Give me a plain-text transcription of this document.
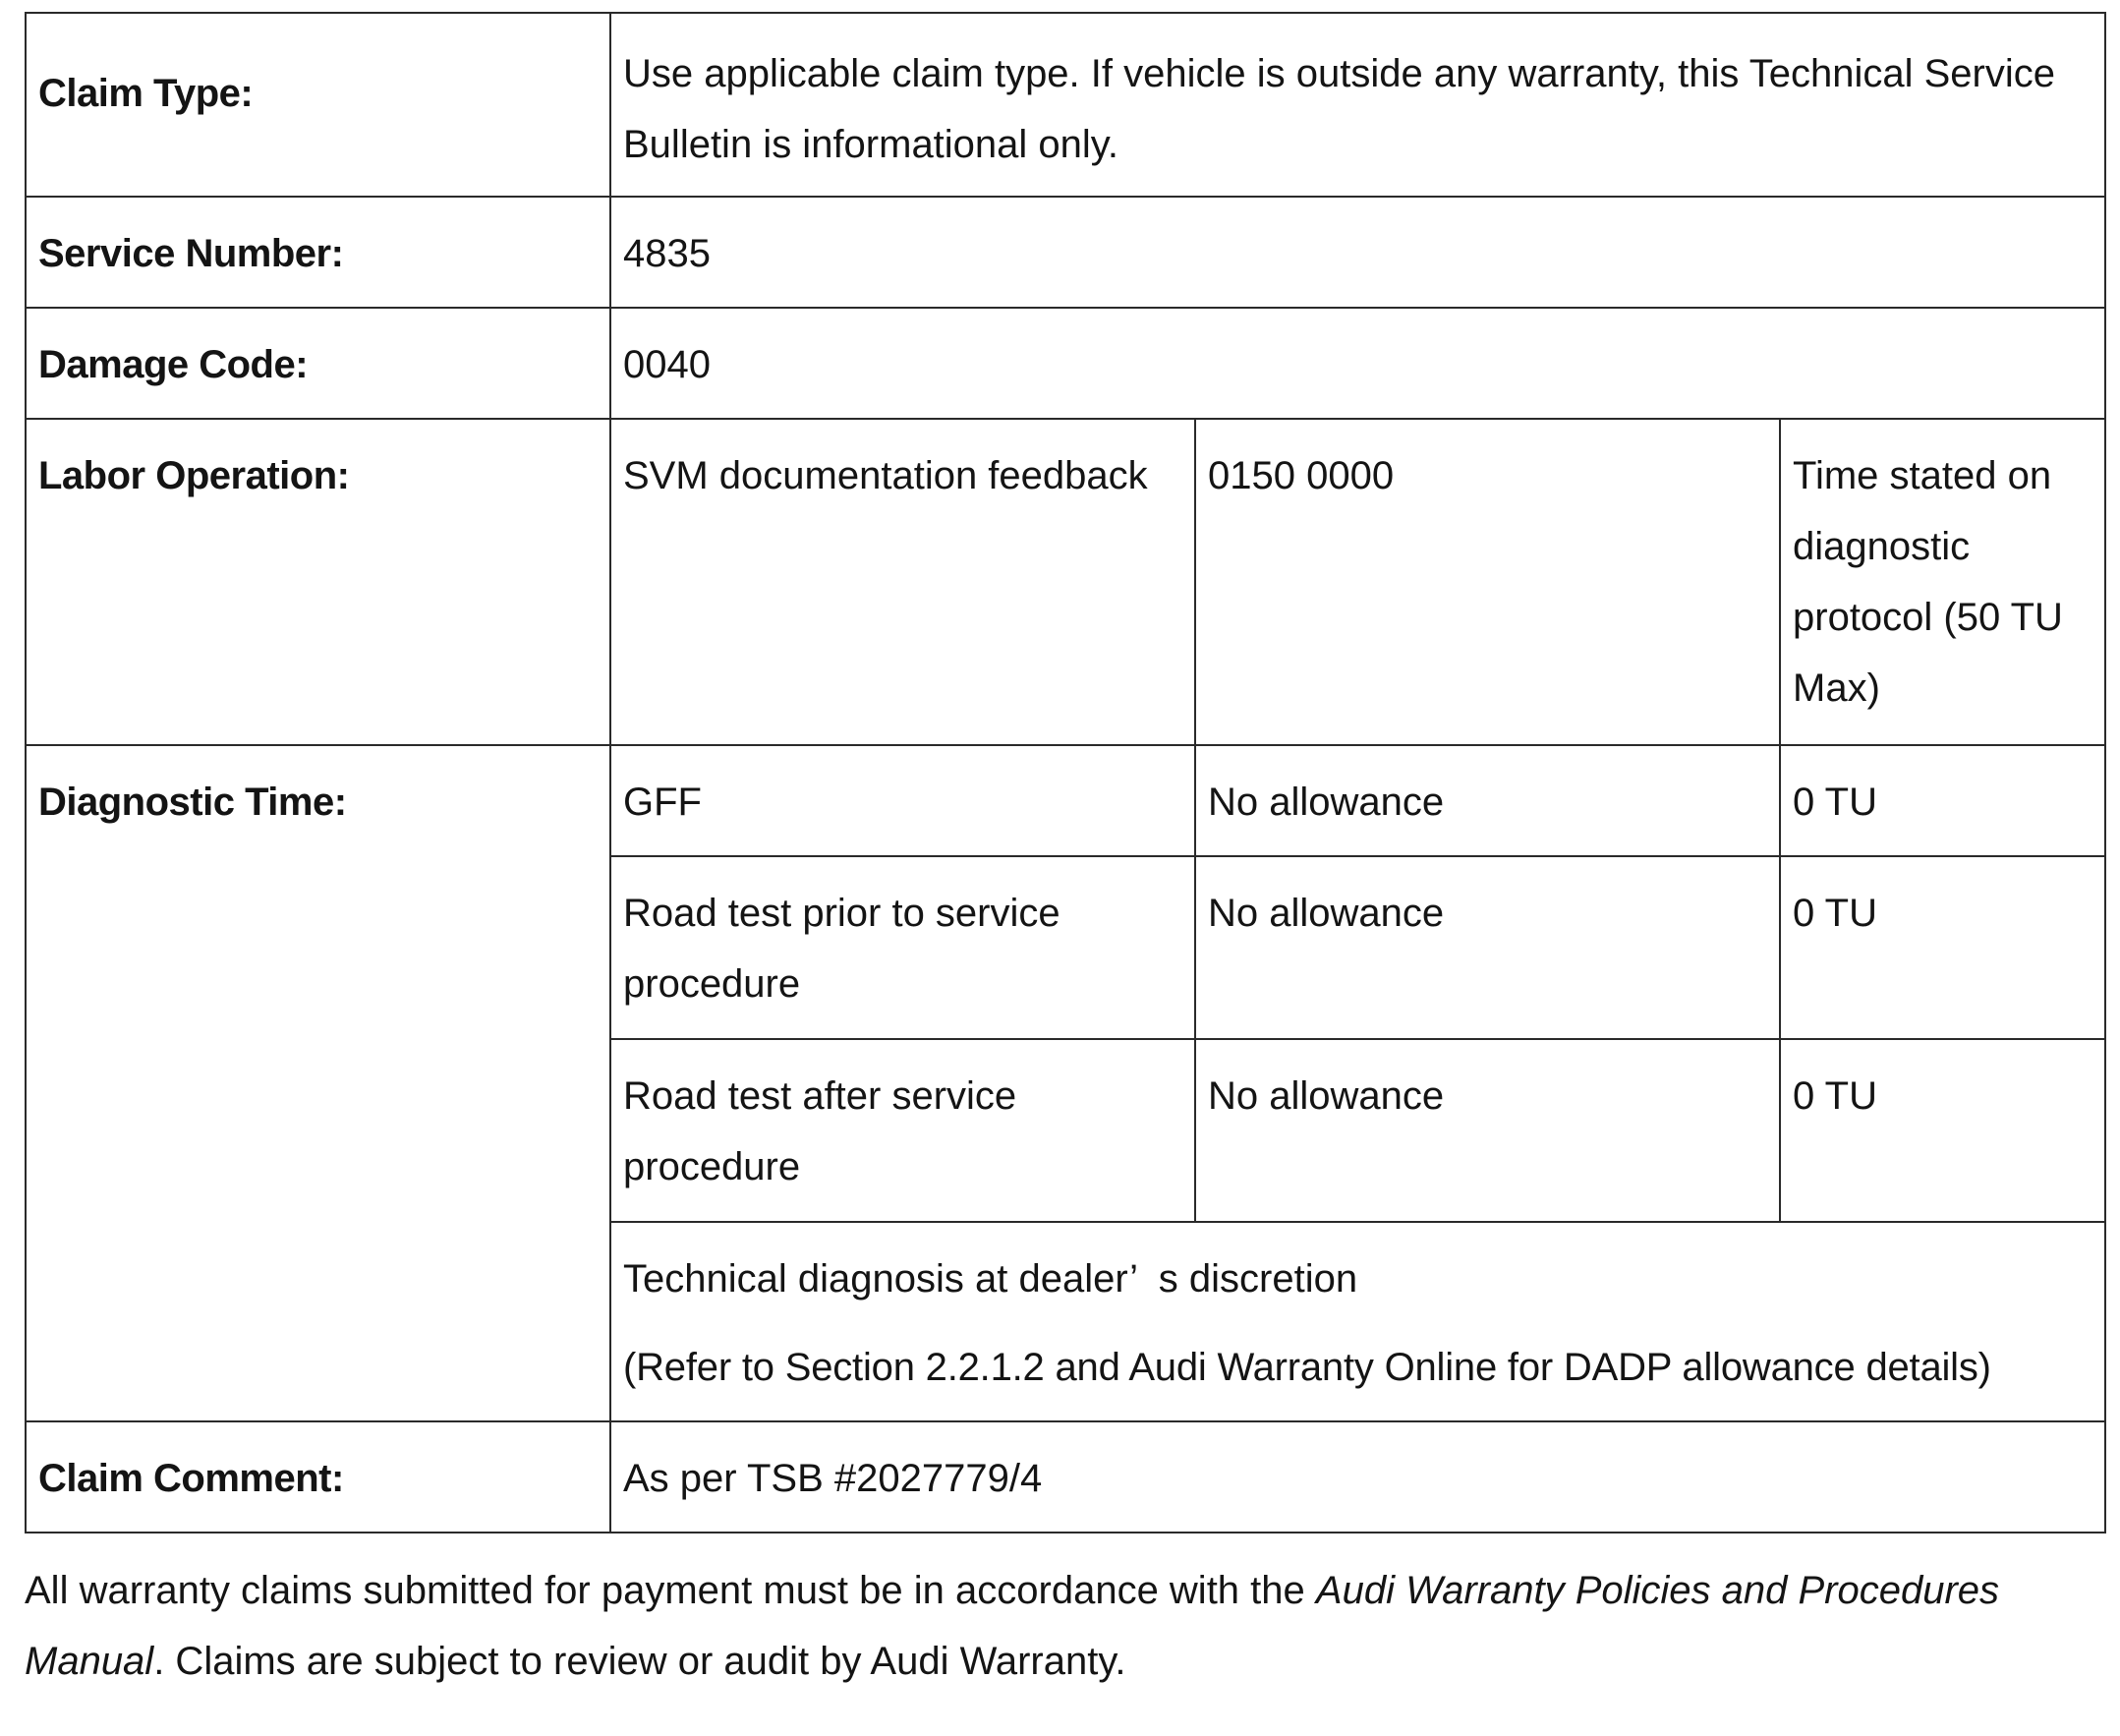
Claim Type:	Use applicable claim type. If vehicle is outside any warranty, this Technical Service Bulletin is informational only.		

Service Number:	4835		
Damage Code:	0040		
Labor Operation:	SVM documentation feedback	0150 0000	Time stated on diagnostic protocol (50 TU Max)
Diagnostic Time:	GFF	No allowance	0 TU
	Road test prior to service procedure	No allowance	0 TU
	Road test after service procedure	No allowance	0 TU

	Technical diagnosis at dealer’  s discretion

(Refer to Section 2.2.1.2 and Audi Warranty Online for DADP allowance details)		

Claim Comment:	As per TSB #2027779/4		

All warranty claims submitted for payment must be in accordance with the Audi Warranty Policies and Procedures Manual. Claims are subject to review or audit by Audi Warranty.
